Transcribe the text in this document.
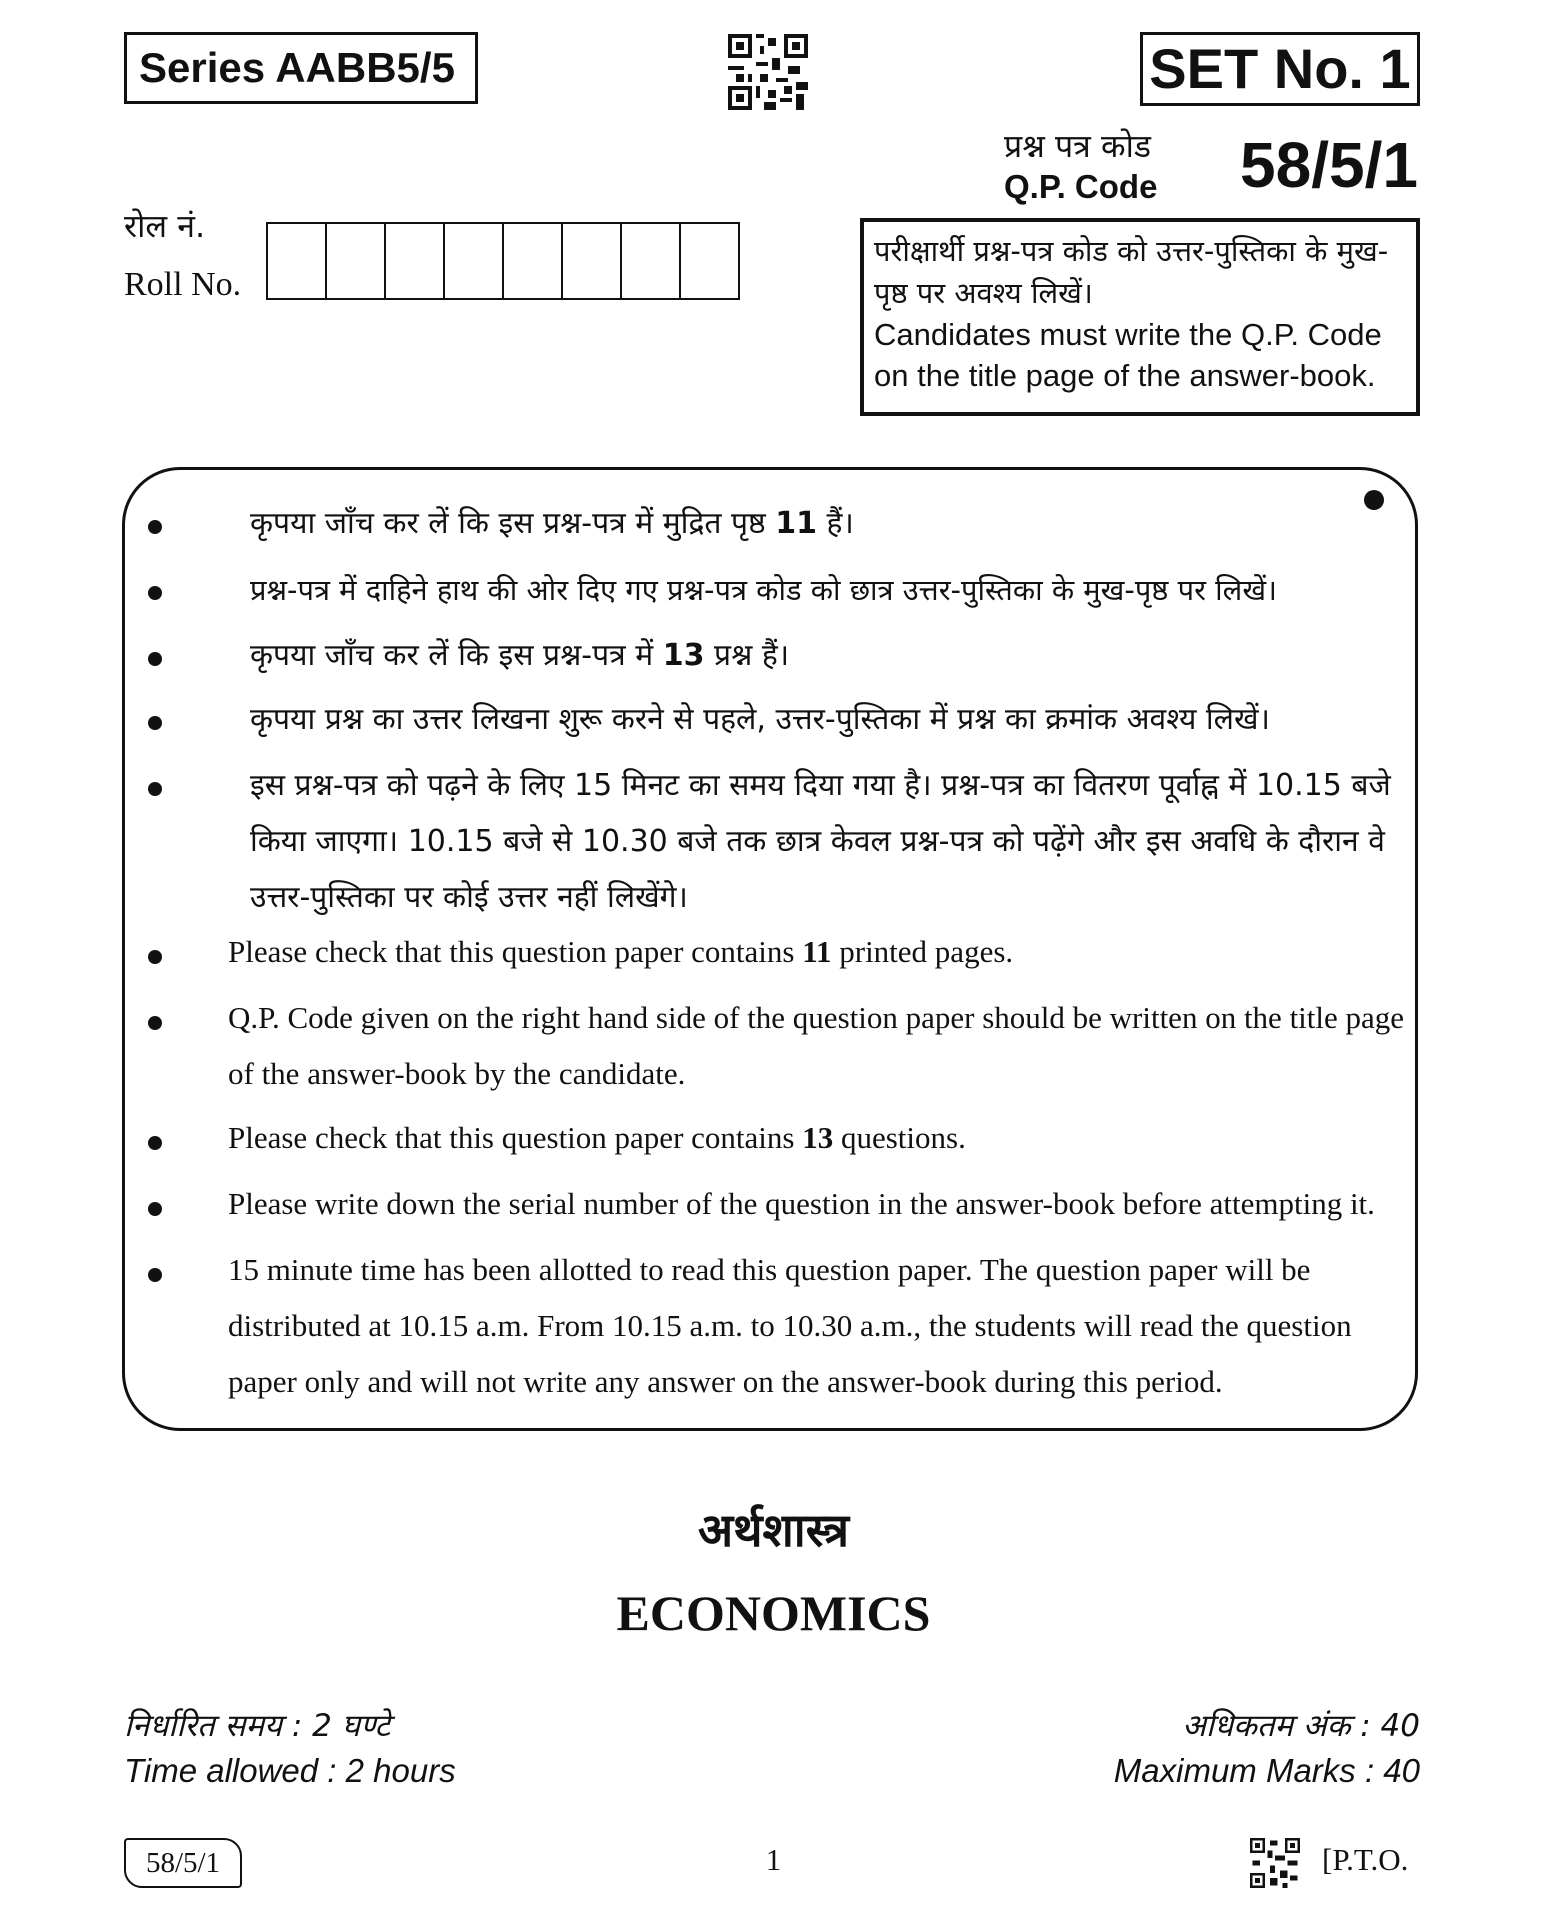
Series AABB5/5	SET No. 1
प्रश्न पत्र कोड
Q.P. Code 58/5/1
रोल नं.
Roll No.
परीक्षार्थी प्रश्न-पत्र कोड को उत्तर-पुस्तिका के मुख-पृष्ठ पर अवश्य लिखें।
Candidates must write the Q.P. Code on the title page of the answer-book.
कृपया जाँच कर लें कि इस प्रश्न-पत्र में मुद्रित पृष्ठ 11 हैं।
प्रश्न-पत्र में दाहिने हाथ की ओर दिए गए प्रश्न-पत्र कोड को छात्र उत्तर-पुस्तिका के मुख-पृष्ठ पर लिखें।
कृपया जाँच कर लें कि इस प्रश्न-पत्र में 13 प्रश्न हैं।
कृपया प्रश्न का उत्तर लिखना शुरू करने से पहले, उत्तर-पुस्तिका में प्रश्न का क्रमांक अवश्य लिखें।
इस प्रश्न-पत्र को पढ़ने के लिए 15 मिनट का समय दिया गया है। प्रश्न-पत्र का वितरण पूर्वाह्न में 10.15 बजे किया जाएगा। 10.15 बजे से 10.30 बजे तक छात्र केवल प्रश्न-पत्र को पढ़ेंगे और इस अवधि के दौरान वे उत्तर-पुस्तिका पर कोई उत्तर नहीं लिखेंगे।
Please check that this question paper contains 11 printed pages.
Q.P. Code given on the right hand side of the question paper should be written on the title page of the answer-book by the candidate.
Please check that this question paper contains 13 questions.
Please write down the serial number of the question in the answer-book before attempting it.
15 minute time has been allotted to read this question paper. The question paper will be distributed at 10.15 a.m. From 10.15 a.m. to 10.30 a.m., the students will read the question paper only and will not write any answer on the answer-book during this period.
अर्थशास्त्र
ECONOMICS
निर्धारित समय : 2 घण्टे
Time allowed : 2 hours
अधिकतम अंक : 40
Maximum Marks : 40
58/5/1	1	[P.T.O.
